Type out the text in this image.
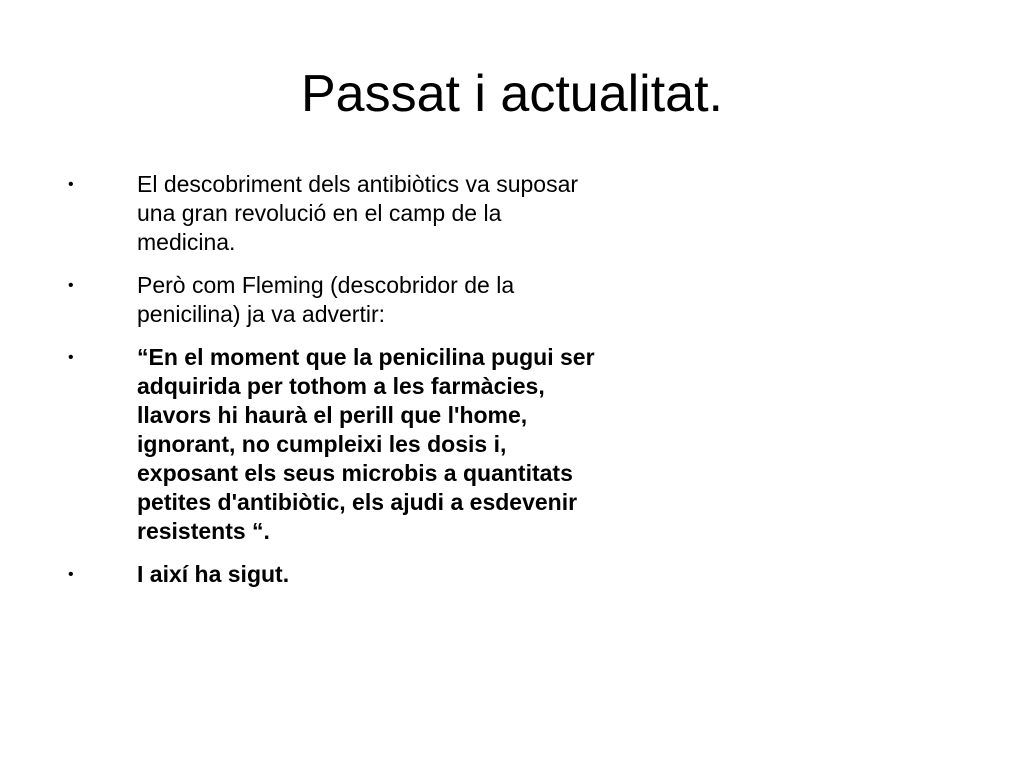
Passat i actualitat.
•	El descobriment dels antibiòtics va suposar una gran revolució en el camp de la medicina.
•	Però com Fleming (descobridor de la penicilina) ja va advertir:
•	“En el moment que la penicilina pugui ser adquirida per tothom a les farmàcies, llavors hi haurà el perill que l'home, ignorant, no cumpleixi les dosis i, exposant els seus microbis a quantitats petites d'antibiòtic, els ajudi a esdevenir resistents “.
•	I així ha sigut.
